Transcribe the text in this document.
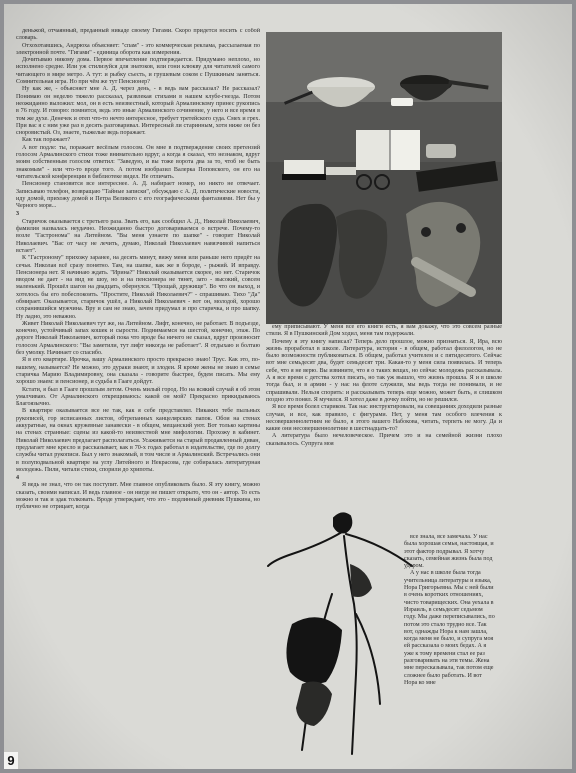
деньжой, отчаянный, преданный никаде своему Гигами. Скоро придется носить с собой словарь.

Отхохотавшись, Андрюха объясняет: "спам" - это коммерческая реклама, рассылаемая по электронной почте. "Гигами" - единица оборота как измерения.

Дочитываю никому дома. Первое впечатление подтверждается. Придумано неплохо, но исполнено средне. Или уж стилизуйся для знатоков, или гони клюкву для читателей самого читающего в мире метро. А тут: и рыбку съесть, и грушевым соком с Пушкиным заняться. Сомнительная игра. Но при чём же тут Пенсионер?

Ну как же, - объясняет мне А. Д. через день, - в ведь вам рассказал? Не рассказал? Понимаю он неделю тяжело рассказал, развлекая стихами в нашем клубе-гнезда. Потом неожиданно выложил: мол, он в есть неизвестный, который Армалинскому принес рукопись в 76 году. И говорю: помнится, ведь это иные Армалинского сочинение, у него и все время в том же духе. Денечек и отеп что-то нечто интересное, требует третейского суда. Смех и грех. При вас я с ним уже раз в десять разговаривал. Интересный ли старинным, хотя ниже он без сноровистый. Оз, знаете, тыжелые ведь поражает.

Как так поражает?

А вот подле: ты, поражает весёлым голосом. Он мне в подтверждение своих претензий голосом Армалинского стихи тоже внимательно вдруг, а когда я сказал, что незнаком, вдруг моим собственным голосом ответил: "Заведую, и вы тоже ворота два за то, чтоб не быть знакомым" - или что-то вроде того. А потом изобразил Валерка Поповского, он его на читательской конференции в библиотеке видел. Не отличать.

Пенсионер становится все интереснее. А. Д. набирает номер, но никто не отвечает. Записываю телефон, возвращаю "Тайные записки", обсуждаю с А. Д. политические новости, иду домой, прихожу домой и Петра Великого с его географическими фантазиями. Нет бы у Черного моря...

3

Старичок оказывается с третьего раза. Звать его, как сообщил А. Д., Николай Николаевич, фамилия назвалась неудачно. Неожиданно быстро договариваемся о встрече. Почему-то возле "Гастронома" на Литейном. "Вы меня узнаете по шапке" - говорит Николай Николаевич. "Вас от часу не лечить, думаю, Николай Николаевич навязчивой напиться встает".

К "Гастроному" прихожу заранее, на десять минут, вижу меня или раньше него придёт на сечья. Николая всё сразу понятно. Там, на шапке, как же в бороде, - рыжий. И вправду. Пенсионера нет. Я начинаю ждать. "Ирина?" Николай оказывается скорее, но нет. Старичок вводом не дает - на вид не шоу, но и на пенсионера не тянет, зато - высокий, совсем маленький. Прошёл шагов на двадцать, обернулся. "Прощай, дружище". Во что он выход, и хотелось бы его побеспокоить. "Простите, Николай Николаевич?" - спрашиваю. Тихо "Да" обмирает. Оказывается, старичок ушёл, а Николай Николаевич - вот он, молодой, хорошо сохранившийся мужчина. Вру и сам не знаю, зачем придумал и про старичка, и про шапку. Ну ладно, это неважно.

Живет Николай Николаевич тут же, на Литейном. Лифт, конечно, не работает. В подъезде, конечно, устойчивый запах кошек и сырости. Поднимаемся на шестой, конечно, этаж. По дороге Николай Николаевич, который пока что вроде бы ничего не сказал, вдруг произносит голосом Армалинского: "Вы заметили, тут лифт никогда не работает". Я отдыхаю и болтаю без умолку. Начинает со спасибо.

Я в его квартире. Ирочка, вашу Армалинского просто прекрасно знаю! Трус. Как это, по-вашему, называется? Не можно, это дураки знают, и злодеи. Я кроме жены не знаю в семье старичка Марию Владимировну, она сказала - говорите быстрее, будем писать. Мы ему хорошо знаем: и пенсионер, и судьба в Гааге дойдут.

Кстати, я был в Гааге прошлым летом. Очень милый город. Но на всякий случай я об этом умалчиваю. От Армалинского открещиваюсь: какой он мой? Прекрасно прикидываюсь Благоязычно.

В квартире оказывается все не так, как я себе представлял. Никаких тебе пыльных рукописей, гор исписанных листов, обтрепанных канцелярских папок. Обои на стенах аккуратные, на окнах кружевные занавески - в общем, мещанский уют. Вот только картины на стенах странные: сцены из какой-то неизвестной мне мифологии. Прохожу в кабинет. Николай Николаевич предлагает располагаться. Усаживается на старый продавленный диван, предлагает мне кресло и рассказывает, как в 70-х годах работал в издательстве, где по долгу службы читал рукописи. Был у него знакомый, в том числе и Армалинский. Встречались они в полуподвальной квартире на углу Литейного и Некрасова, где собиралась литературная молодежь. Пили, читали стихи, спорили до хрипоты.

4

Я ведь не знал, что он так поступит. Мне главное опубликовать было. Я эту книгу, можно сказать, своими написал. И ведь главное - он нигде не пишет открыто, что он - автор. То есть можно и так и эдак толковать. Вроде утверждает, что это - подлинный дневник Пушкина, но публично не отрицает, когда

ему приписывают. У меня все его книги есть, я вам докажу, что это совсем разные стили. Я в Пушкинский Дом ходил, меня там подержали.

Почему я эту книгу написал? Теперь дело прошлое, можно признаться. Я, Ира, всю жизнь проработал в школе. Литература, история - в общем, работал филологом, но не было возможности публиковаться. В общем, работал учителем и с пятидесятого. Сейчас вот мне семьдесят два, будет семьдесят три. Какая-то у меня сила появилась. И теперь себе, что я не верю. Вы извините, что я о таких вещах, но сейчас молодежь рассказывала. А я все время с детства хотел писать, но так уж вышло, что жизнь прошла. Я и в школе тогда был, и в армии - у нас на флоте служили, мы ведь тогда не понимали, и не спрашивали. Нельзя спорить: и рассказывать теперь еще можно, может быть, я слишком поздно это понял. Я мучился. Я хотел даже в дочку пойти, но не решился.

Я все время болел стариком. Так нас инструктировали, на совещаниях доходили разные случаи, и все, как правило, с фигурами. Нет, у меня там особого влечения к несовершеннолетним не было, я этого вашего Набокова, читать, терпеть не могу. Да и какие они несовершеннолетние в шестнадцать-то?

А литература было нечеловеческое. Причем это и на семейной жизни плохо сказывалось. Супруга моя

все знала, все замечала. У нас была хорошая семья, настоящая, и этот фактор подрывал. Я хотчу сказать, семейная жизнь была под ударом.

А у нас в школе была тогда учительница литературы и языка, Нора Григорьевна. Мы с ней были в очень коротких отношениях, чисто товарищеских. Она уехала в Израиль, в семьдесят седьмом году. Мы даже переписывались, по потом это стало трудно все. Так вот, однажды Нора к нам зашла, когда меня не было, и супруга моя ей рассказала о моих бедах. А я уже к тому времени стал ее раз разговаривать на эти темы. Жена мне пересказывала, так потом еще сложнее было работать. И вот Нора ко мне

9
